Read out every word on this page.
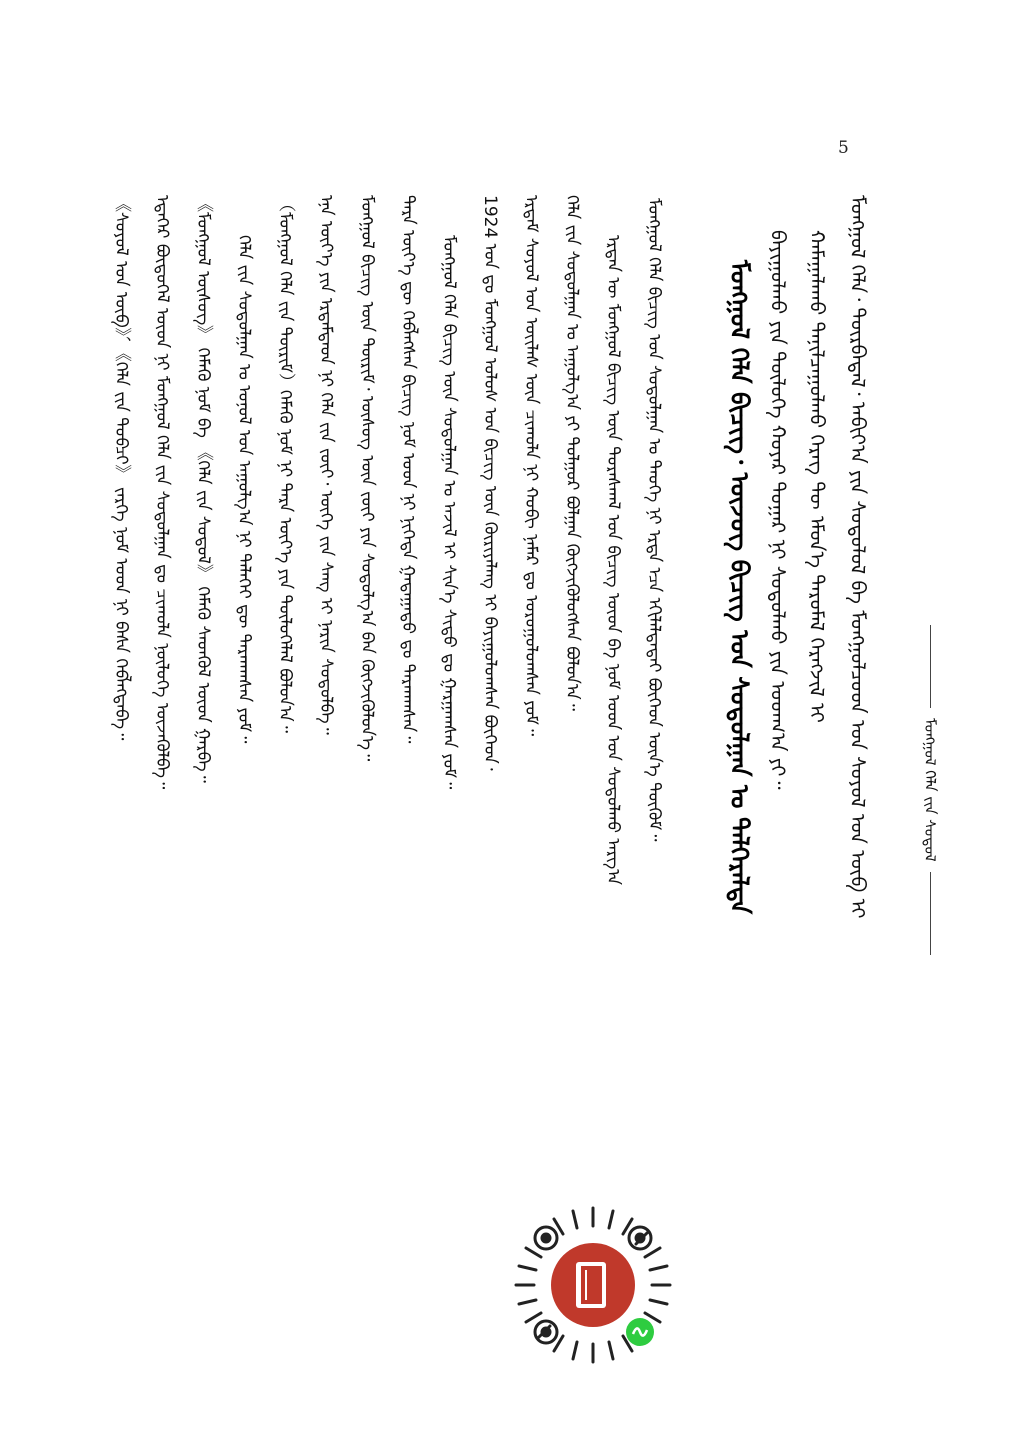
5
ᠮᠣᠩᠭᠣᠯ ᠬᠡᠯᠡ ᠵᠢᠨ ᠰᠤᠳᠤᠯ
ᠮᠣᠩᠭᠣᠯ ᠬᠡᠯᠡ᠂ ᠲᠦᠷᠪᠡᠳᠡᠯ᠂ ᠠᠪᠢᠶ᠎ᠠ ᠶᠢᠨ ᠰᠤᠳᠤᠯᠤᠯ ᠪᠠ ᠮᠣᠩᠭᠣᠯᠴᠤᠳ ᠤᠨ ᠰᠣᠶᠣᠯ ᠤᠨ ᠦᠪ ᠢ
ᠬᠠᠮᠠᠭᠠᠯᠠᠬᠤ ᠲᠠᠨᠢᠯᠴᠠᠭᠤᠯᠬᠤ ᠬᠡᠷᠡᠭ ᠲᠦ ᠡᠮᠦᠨ᠎ᠡ ᠳᠠᠷᠤᠮᠠᠯ ᠬᠡᠷᠡᠭᠵᠢᠯ ᠢ
ᠪᠠᠶᠢᠭᠤᠯᠬᠤ ᠶᠢᠨ ᠲᠥᠯᠥᠭᠡ ᠬᠣᠶᠠᠷ ᠳᠤᠭᠠᠷ ᠨᠢ ᠰᠤᠳᠤᠯᠬᠤ ᠶᠢᠨ ᠤᠳᠬ᠎ᠠ ᠶᠢ᠃
ᠮᠣᠩᠭᠣᠯ ᠬᠡᠯᠡ ᠪᠢᠴᠢᠭ᠂ ᠦᠵᠦᠭ ᠪᠢᠴᠢᠭ ᠤᠨ ᠰᠤᠳᠤᠯᠭᠠᠨ ᠤ ᠳᠡᠯᠭᠡᠷᠡᠯᠲᠡ
ᠮᠣᠩᠭᠣᠯ ᠬᠡᠯᠡ ᠪᠢᠴᠢᠭ ᠤᠨ ᠰᠤᠳᠤᠯᠭᠠᠨ ᠤ ᠲᠡᠦᠬᠡ ᠨᠢ ᠡᠷᠲᠡ ᠡᠴᠡ ᠡᠬᠢᠯᠡᠯᠲᠡᠲᠡᠢ ᠪᠥᠭᠡᠳ ᠦᠨ᠎ᠡ ᠲᠥᠭᠦᠮ᠃
ᠡᠷᠲᠡᠨ ᠦ ᠮᠣᠩᠭᠣᠯ ᠪᠢᠴᠢᠭ ᠦᠨ ᠳᠤᠷᠠᠰᠬᠠᠯ ᠤᠨ ᠪᠢᠴᠢᠭ ᠦᠳ ᠪᠠ ᠨᠣᠮ ᠤᠳ ᠤᠨ ᠰᠤᠳᠤᠯᠬᠤ ᠠᠷᠭ᠎ᠠ
ᠬᠡᠯᠡ ᠵᠢᠨ ᠰᠤᠳᠤᠯᠭᠠᠨ ᠤ ᠠᠭᠤᠯᠭ᠎ᠠ ᠶᠢ ᠲᠤᠯᠭᠤᠷ ᠪᠣᠯᠭᠠᠨ ᠬᠥᠭᠵᠢᠭᠦᠯᠦᠭᠰᠡᠨ ᠪᠣᠯᠤᠨ᠎ᠠ᠃
ᠡᠷᠳᠡᠮ ᠰᠣᠶᠣᠯ ᠤᠨ ᠦᠢᠯᠡᠰ ᠦᠨ ᠴᠢᠬᠤᠯᠠ ᠨᠢ ᠬᠤᠪᠢ ᠨᠡᠮᠡᠷ ᠳᠤ ᠤᠷᠤᠭᠤᠯᠤᠭᠰᠠᠨ ᠶᠤᠮ᠃
1924 ᠣᠨ ᠳᠤ ᠮᠣᠩᠭᠣᠯ ᠤᠯᠤᠰ ᠤᠨ ᠪᠢᠴᠢᠭ ᠦᠨ ᠬᠦᠷᠢᠶᠡᠯᠡᠩ ᠢ ᠪᠠᠶᠢᠭᠤᠯᠤᠭᠰᠠᠨ ᠪᠥᠭᠡᠳ᠂
ᠮᠣᠩᠭᠣᠯ ᠬᠡᠯᠡ ᠪᠢᠴᠢᠭ ᠦᠨ ᠰᠤᠳᠤᠯᠭᠠᠨ ᠤ ᠠᠵᠢᠯ ᠢ ᠰᠢᠨ᠎ᠡ ᠰᠢᠲᠤ ᠳᠤ ᠭᠠᠷᠭᠠᠭᠰᠠᠨ ᠶᠤᠮ᠃
ᠲᠡᠷᠡ ᠦᠶ᠎ᠡ ᠳᠦ ᠬᠡᠪᠯᠡᠭᠰᠡᠨ ᠪᠢᠴᠢᠭ ᠨᠣᠮ ᠤᠳ ᠨᠢ ᠨᠢᠭᠡᠳᠡ ᠭᠠᠳᠠᠭᠠᠳᠤ ᠳᠤ ᠲᠠᠷᠬᠠᠭᠰᠠᠨ᠃
ᠮᠣᠩᠭᠣᠯ ᠪᠢᠴᠢᠭ ᠦᠨ ᠳᠦᠷᠢᠮ᠂ ᠦᠰᠦᠭ ᠦᠨ ᠵᠦᠢ ᠶᠢᠨ ᠰᠤᠳᠤᠯᠭ᠎ᠠ ᠪᠠᠨ ᠬᠦᠭᠵᠢᠭᠦᠯᠦᠨ᠎ᠡ᠃
ᠡᠨᠡ ᠦᠶ᠎ᠡ ᠶᠢᠨ ᠡᠷᠳᠡᠮᠲᠡᠳ ᠨᠢ ᠬᠡᠯᠡ ᠵᠢᠨ ᠵᠦᠢ᠂ ᠦᠭᠡ ᠵᠢᠨ ᠰᠠᠩ ᠢ ᠨᠠᠷᠢᠨ ᠰᠤᠳᠤᠯᠪᠠ᠃
（ᠮᠣᠩᠭᠣᠯ ᠬᠡᠯᠡ ᠵᠢᠨ ᠳᠦᠷᠢᠮ）ᠬᠡᠮᠡᠬᠦ ᠨᠣᠮ ᠨᠢ ᠲᠡᠷᠡ ᠦᠶ᠎ᠡ ᠶᠢᠨ ᠲᠥᠯᠥᠭᠡᠯᠡᠯ ᠪᠣᠯᠤᠨ᠎ᠠ᠃
ᠬᠡᠯᠡ ᠵᠢᠨ ᠰᠤᠳᠤᠯᠭᠠᠨ ᠤ ᠣᠨᠣᠯ ᠤᠨ ᠠᠭᠤᠯᠭ᠎ᠠ ᠨᠢ ᠳᠡᠯᠡᠬᠡᠢ ᠳᠦ ᠲᠠᠷᠬᠠᠭᠰᠠᠨ ᠶᠤᠮ᠃
《ᠮᠣᠩᠭᠣᠯ ᠦᠰᠦᠭ》 ᠬᠡᠮᠡᠬᠦ ᠨᠣᠮ ᠪᠠ 《ᠬᠡᠯᠡ ᠵᠢᠨ ᠰᠤᠳᠤᠯ》 ᠬᠡᠮᠡᠬᠦ ᠰᠡᠳᠬᠦᠯ ᠦᠳ ᠭᠠᠷᠪᠠ᠃
ᠡᠳᠡᠭᠡᠷ ᠪᠦᠲᠦᠭᠡᠯ ᠦᠳ ᠨᠢ ᠮᠣᠩᠭᠣᠯ ᠬᠡᠯᠡ ᠵᠢᠨ ᠰᠤᠳᠤᠯᠭᠠᠨ ᠳᠤ ᠴᠢᠬᠤᠯᠠ ᠨᠥᠯᠦᠭᠡ ᠦᠵᠡᠭᠦᠯᠪᠡ᠃
《ᠰᠣᠶᠣᠯ ᠤᠨ ᠦᠪ》、《ᠬᠡᠯᠡ ᠵᠢᠨ ᠲᠣᠪᠴᠢ》 ᠵᠡᠷᠭᠡ ᠨᠣᠮ ᠤᠳ ᠨᠢ ᠪᠠᠰᠠ ᠬᠡᠪᠯᠡᠭᠳᠡᠪᠡ᠃
